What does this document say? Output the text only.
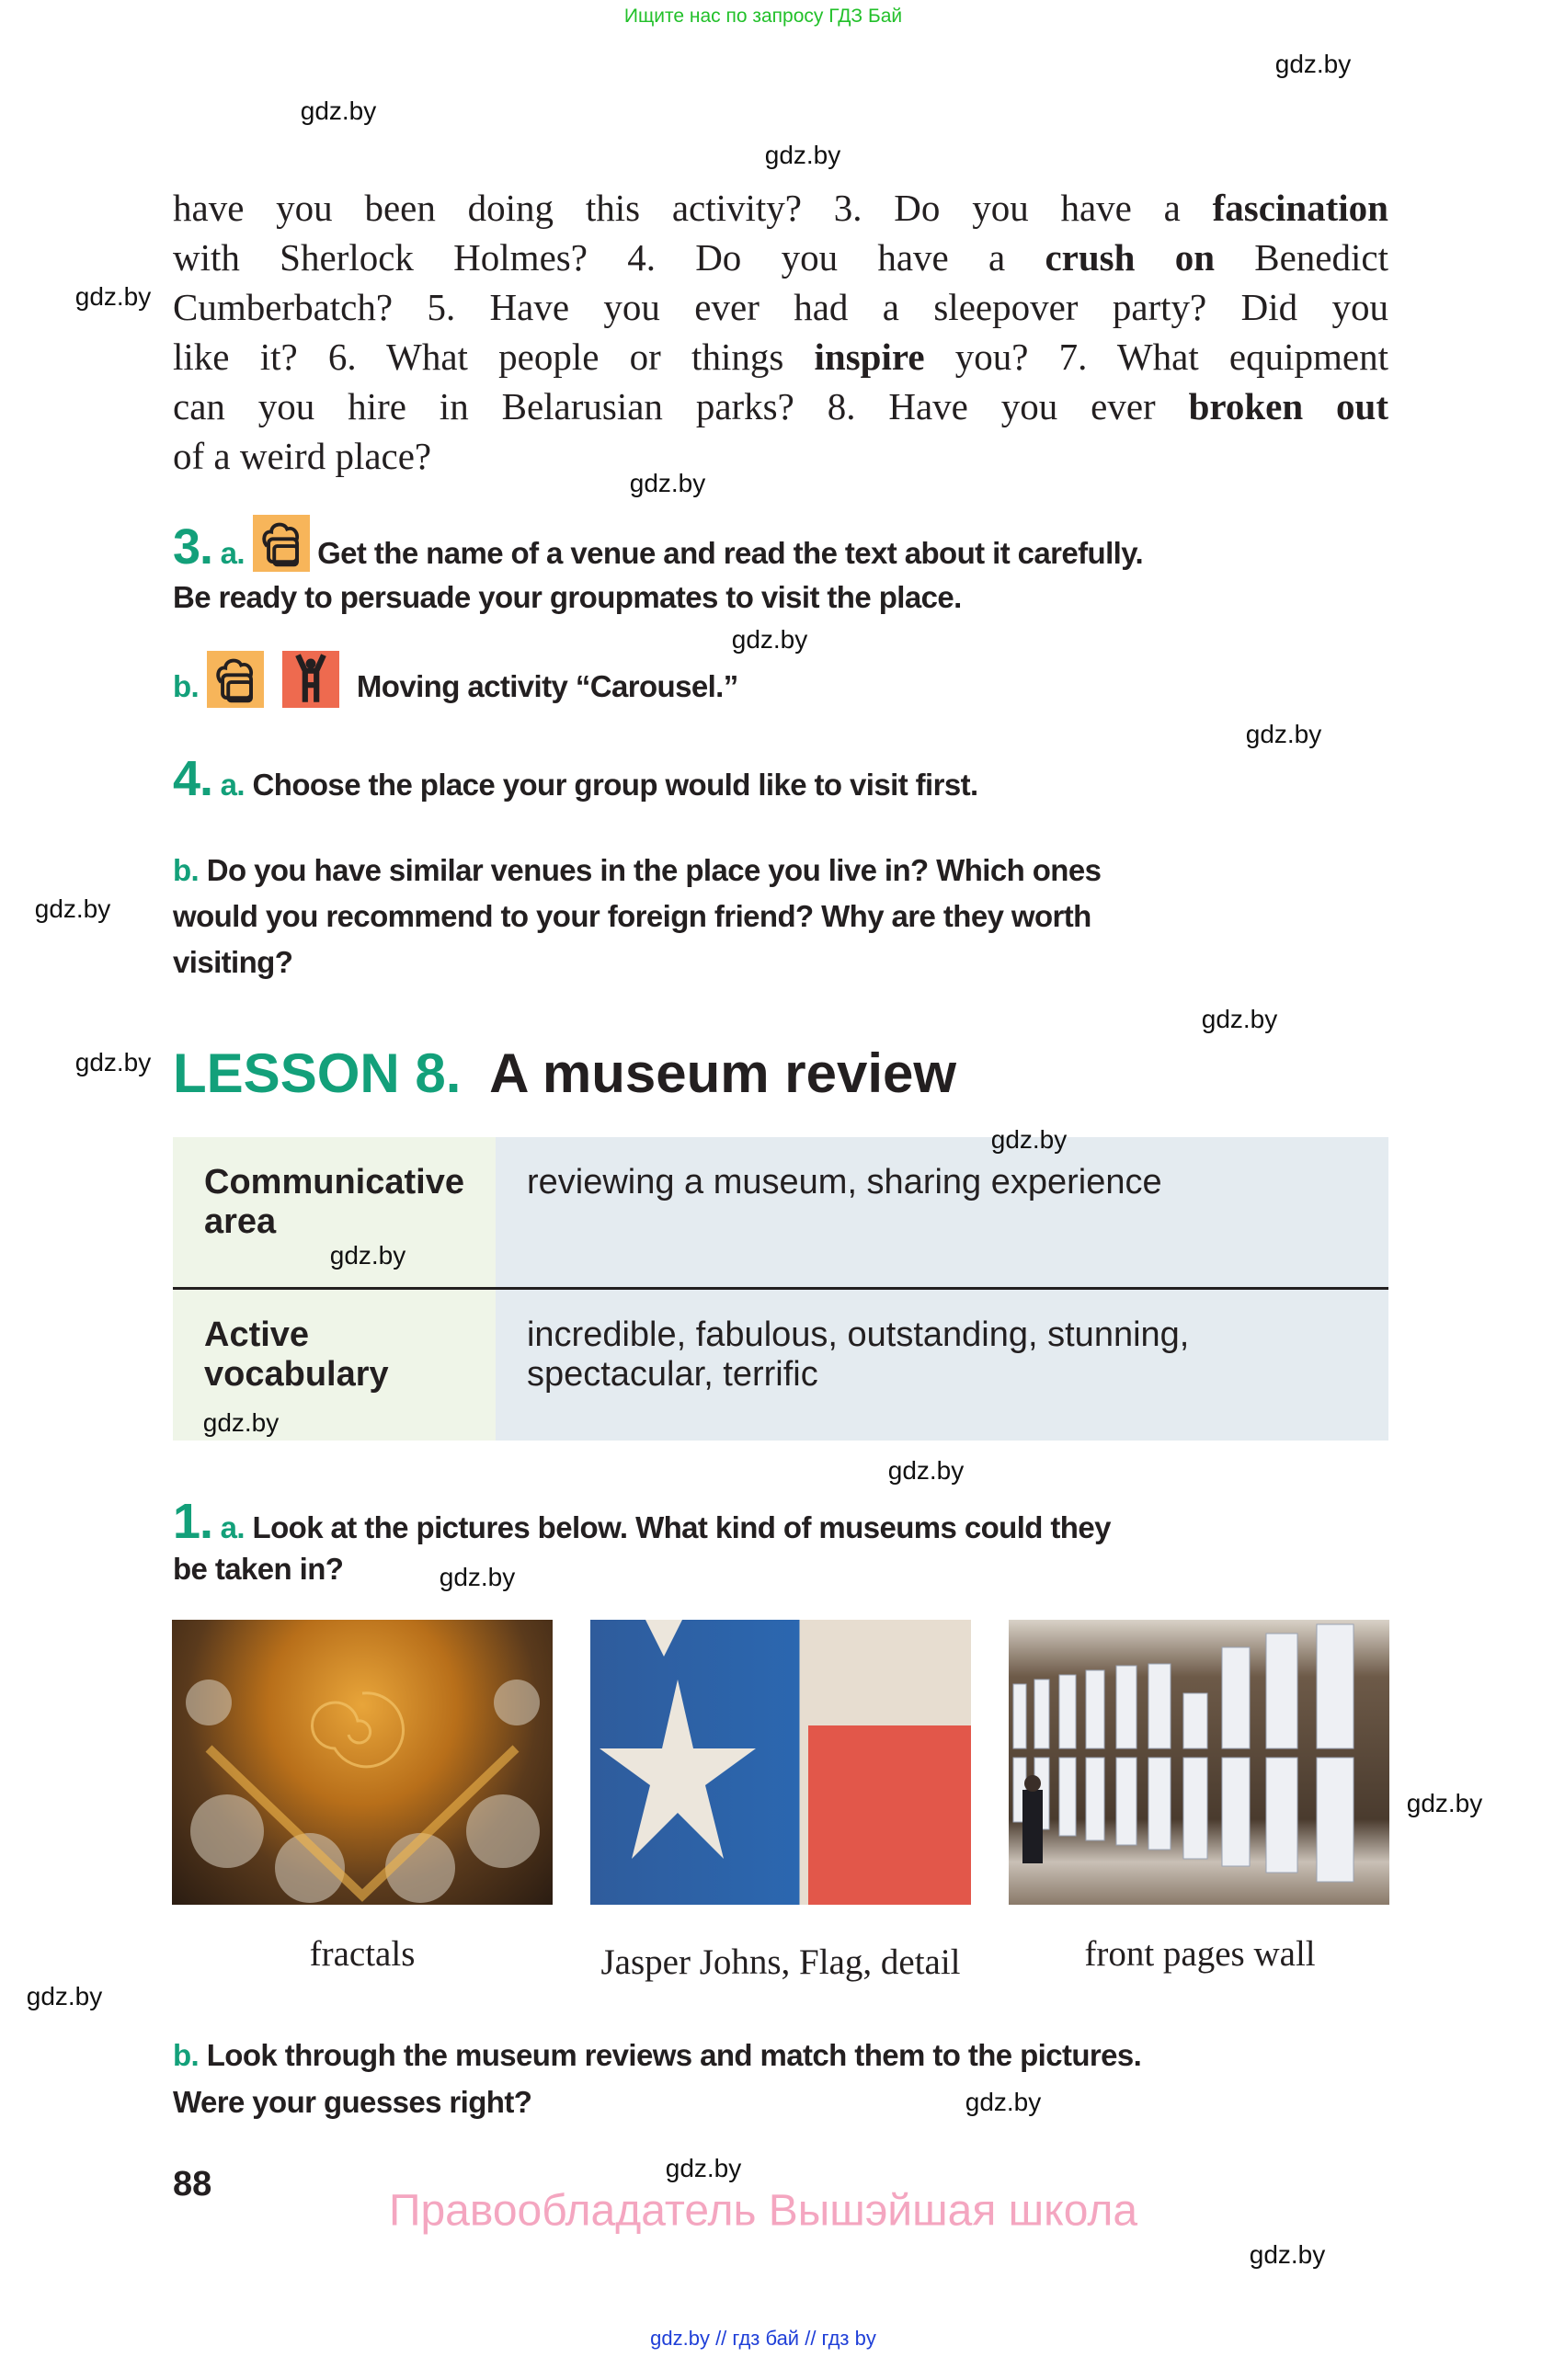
Ищите нас по запросу ГДЗ Бай
gdz.by
gdz.by
gdz.by
gdz.by
gdz.by
gdz.by
gdz.by
gdz.by
gdz.by
gdz.by
have you been doing this activity? 3. Do you have a fascination
with Sherlock Holmes? 4. Do you have a crush on Benedict
Cumberbatch? 5. Have you ever had a sleepover party? Did you
like it? 6. What people or things inspire you? 7. What equipment
can you hire in Belarusian parks? 8. Have you ever broken out
of a weird place?
3. a. Get the name of a venue and read the text about it carefully.
Be ready to persuade your groupmates to visit the place.
b.
	Moving activity “Carousel.”
4. a. Choose the place your group would like to visit first.
b. Do you have similar venues in the place you live in? Which ones
would you recommend to your foreign friend? Why are they worth
visiting?
LESSON 8. A museum review
Communicative
area	reviewing a museum, sharing experience
Active vocabulary	incredible, fabulous, outstanding, stunning,
spectacular, terrific
gdz.by
gdz.by
gdz.by
gdz.by
1. a. Look at the pictures below. What kind of museums could they
be taken in?	gdz.by
fractals	Jasper Johns, Flag, detail	front pages wall
gdz.by
gdz.by
b. Look through the museum reviews and match them to the pictures.
Were your guesses right?	gdz.by
gdz.by
gdz.by
88
Правообладатель Вышэйшая школа
gdz.by // гдз бай // гдз by
